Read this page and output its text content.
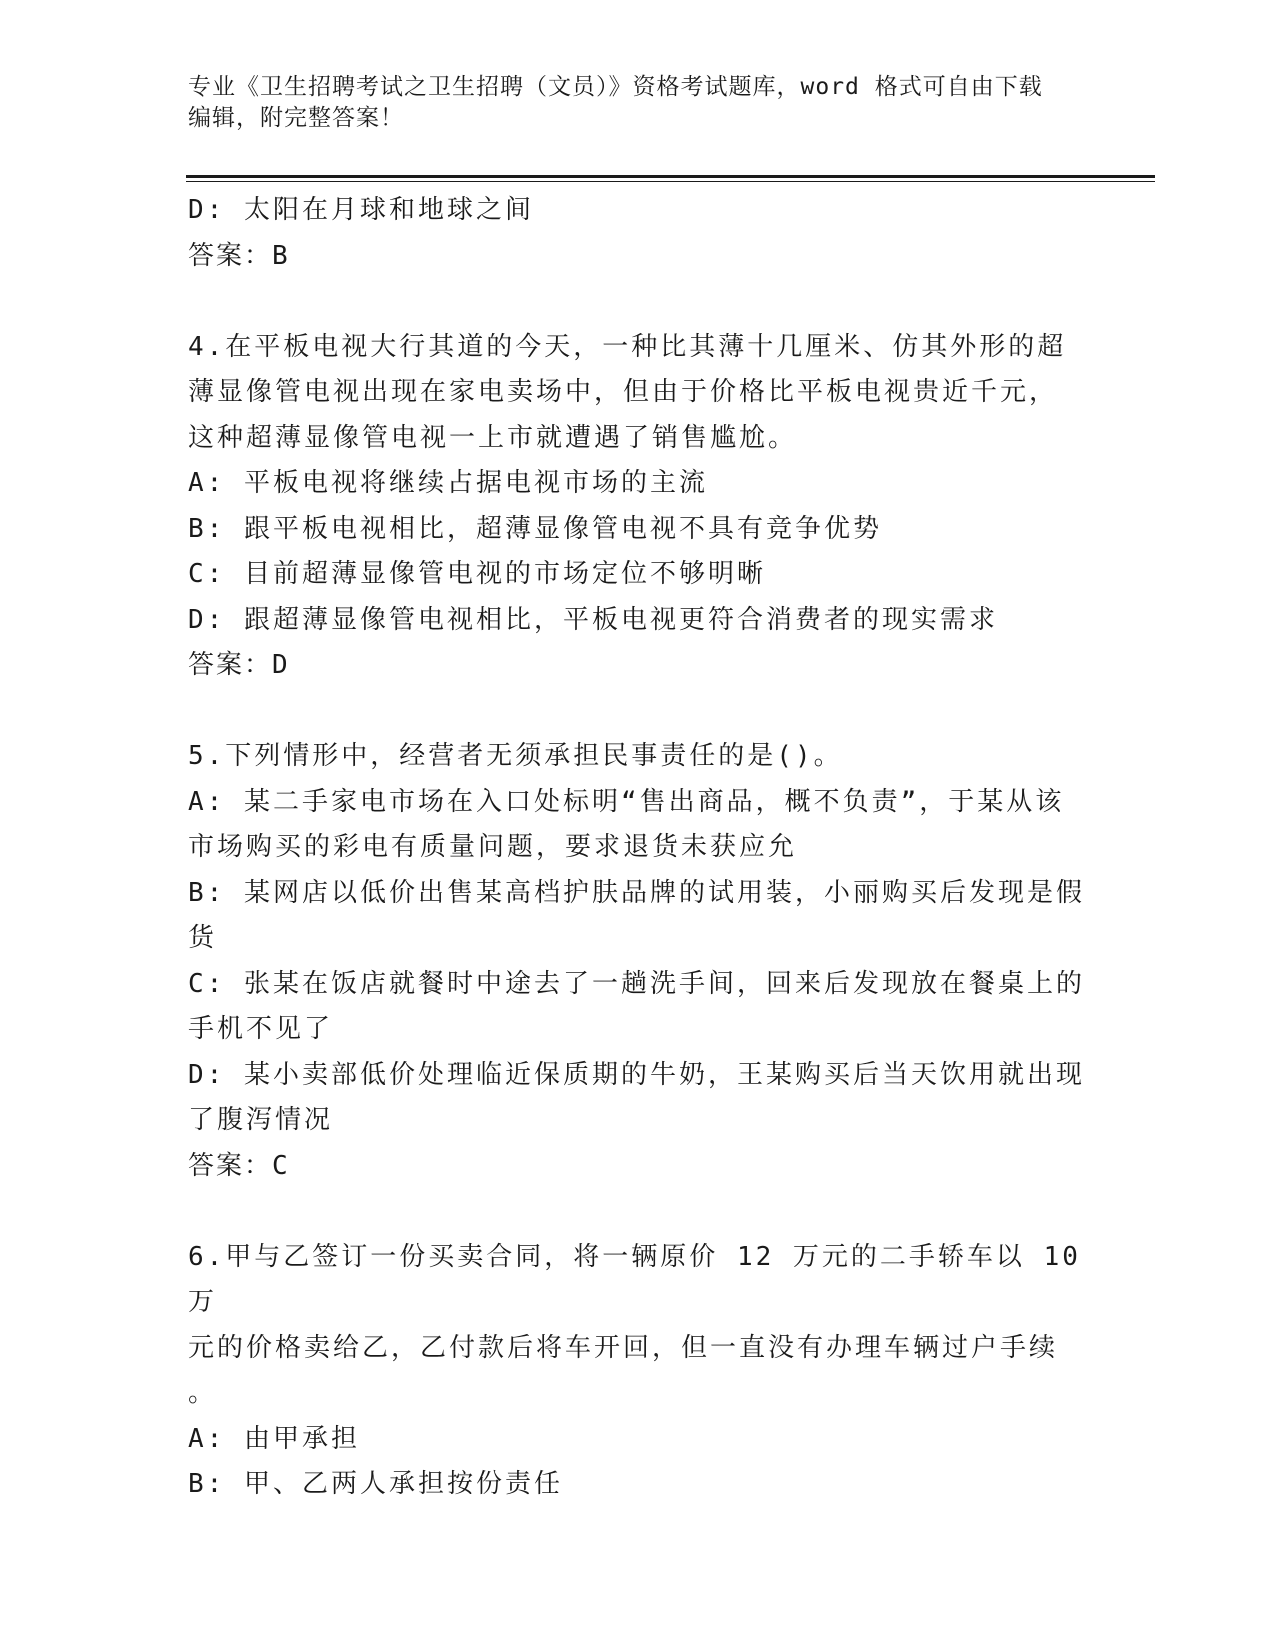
专业《卫生招聘考试之卫生招聘（文员）》资格考试题库，word 格式可自由下载

编辑，附完整答案！

D: 太阳在月球和地球之间

答案：B

4.在平板电视大行其道的今天，一种比其薄十几厘米、仿其外形的超

薄显像管电视出现在家电卖场中，但由于价格比平板电视贵近千元，

这种超薄显像管电视一上市就遭遇了销售尴尬。

A: 平板电视将继续占据电视市场的主流

B: 跟平板电视相比，超薄显像管电视不具有竞争优势

C: 目前超薄显像管电视的市场定位不够明晰

D: 跟超薄显像管电视相比，平板电视更符合消费者的现实需求

答案：D

5.下列情形中，经营者无须承担民事责任的是()。

A: 某二手家电市场在入口处标明“售出商品，概不负责”，于某从该

市场购买的彩电有质量问题，要求退货未获应允

B: 某网店以低价出售某高档护肤品牌的试用装，小丽购买后发现是假

货

C: 张某在饭店就餐时中途去了一趟洗手间，回来后发现放在餐桌上的

手机不见了

D: 某小卖部低价处理临近保质期的牛奶，王某购买后当天饮用就出现

了腹泻情况

答案：C

6.甲与乙签订一份买卖合同，将一辆原价 12 万元的二手轿车以 10 万

元的价格卖给乙，乙付款后将车开回，但一直没有办理车辆过户手续

。

A: 由甲承担

B: 甲、乙两人承担按份责任
